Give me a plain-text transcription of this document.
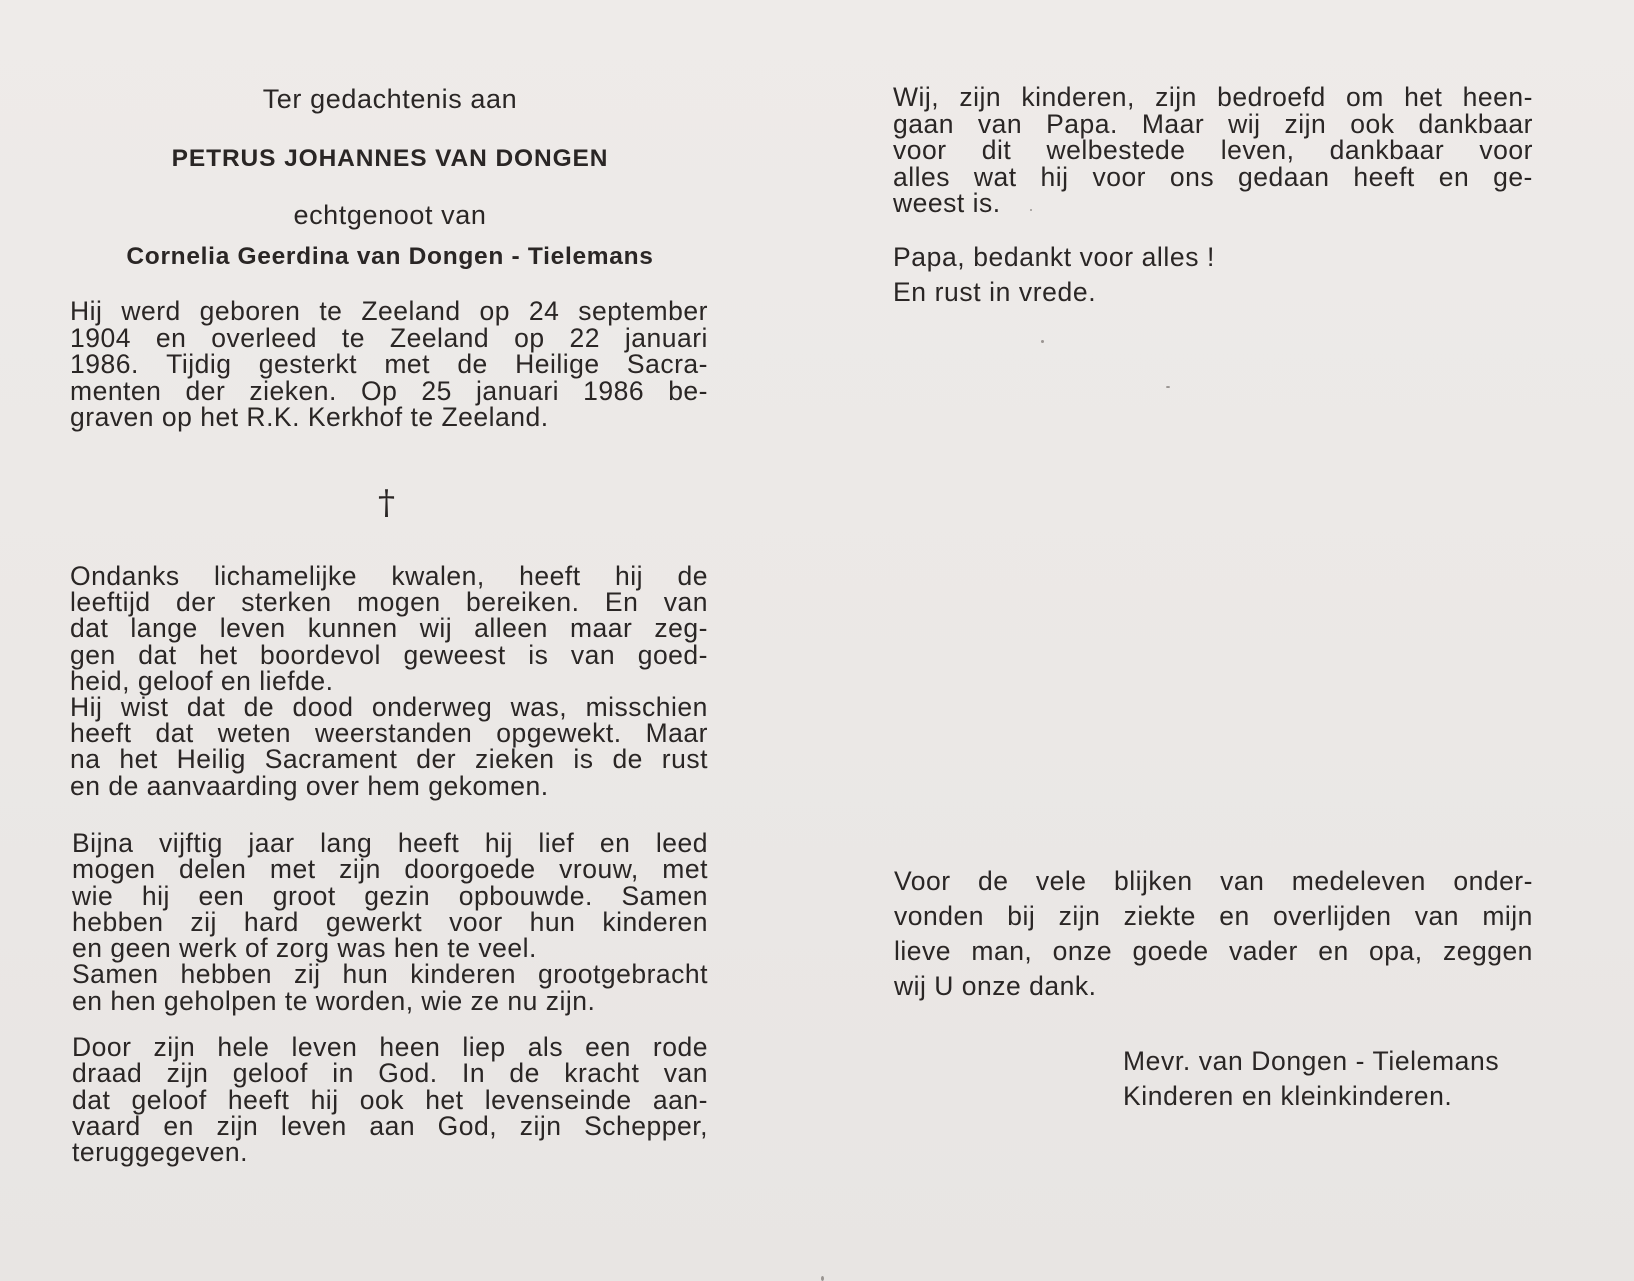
Ter gedachtenis aan
PETRUS JOHANNES VAN DONGEN
echtgenoot van
Cornelia Geerdina van Dongen - Tielemans
Hij werd geboren te Zeeland op 24 september
1904 en overleed te Zeeland op 22 januari
1986. Tijdig gesterkt met de Heilige Sacra-
menten der zieken. Op 25 januari 1986 be-
graven op het R.K. Kerkhof te Zeeland.
†
Ondanks lichamelijke kwalen, heeft hij de
leeftijd der sterken mogen bereiken. En van
dat lange leven kunnen wij alleen maar zeg-
gen dat het boordevol geweest is van goed-
heid, geloof en liefde.
Hij wist dat de dood onderweg was, misschien
heeft dat weten weerstanden opgewekt. Maar
na het Heilig Sacrament der zieken is de rust
en de aanvaarding over hem gekomen.
Bijna vijftig jaar lang heeft hij lief en leed
mogen delen met zijn doorgoede vrouw, met
wie hij een groot gezin opbouwde. Samen
hebben zij hard gewerkt voor hun kinderen
en geen werk of zorg was hen te veel.
Samen hebben zij hun kinderen grootgebracht
en hen geholpen te worden, wie ze nu zijn.
Door zijn hele leven heen liep als een rode
draad zijn geloof in God. In de kracht van
dat geloof heeft hij ook het levenseinde aan-
vaard en zijn leven aan God, zijn Schepper,
teruggegeven.
Wij, zijn kinderen, zijn bedroefd om het heen-
gaan van Papa. Maar wij zijn ook dankbaar
voor dit welbestede leven, dankbaar voor
alles wat hij voor ons gedaan heeft en ge-
weest is.
Papa, bedankt voor alles !
En rust in vrede.
Voor de vele blijken van medeleven onder-
vonden bij zijn ziekte en overlijden van mijn
lieve man, onze goede vader en opa, zeggen
wij U onze dank.
Mevr. van Dongen - Tielemans
Kinderen en kleinkinderen.
